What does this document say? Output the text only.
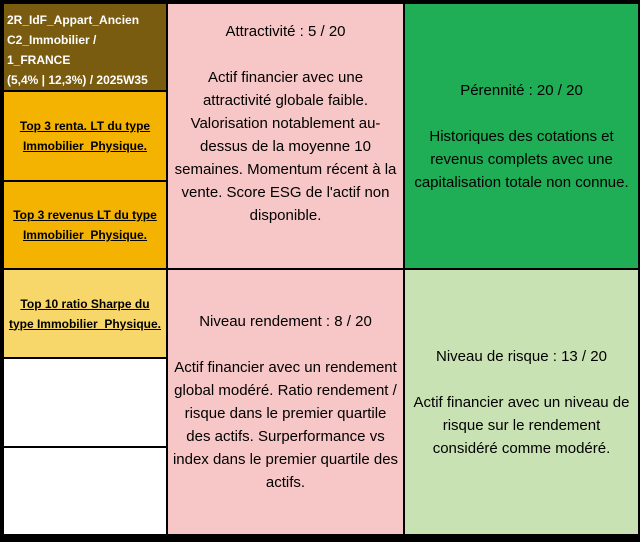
2R_IdF_Appart_Ancien
C2_Immobilier / 1_FRANCE
(5,4% | 12,3%) / 2025W35
Top 3 renta. LT du type Immobilier_Physique.
Top 3 revenus LT du type Immobilier_Physique.
Top 10 ratio Sharpe du type Immobilier_Physique.
Attractivité : 5 / 20
Actif financier avec une attractivité globale faible. Valorisation notablement au-dessus de la moyenne 10 semaines. Momentum récent à la vente. Score ESG de l'actif non disponible.
Pérennité : 20 / 20
Historiques des cotations et revenus complets avec une capitalisation totale non connue.
Niveau rendement : 8 / 20
Actif financier avec un rendement global modéré. Ratio rendement / risque dans le premier quartile des actifs. Surperformance vs index dans le premier quartile des actifs.
Niveau de risque : 13 / 20
Actif financier avec un niveau de risque sur le rendement considéré comme modéré.
